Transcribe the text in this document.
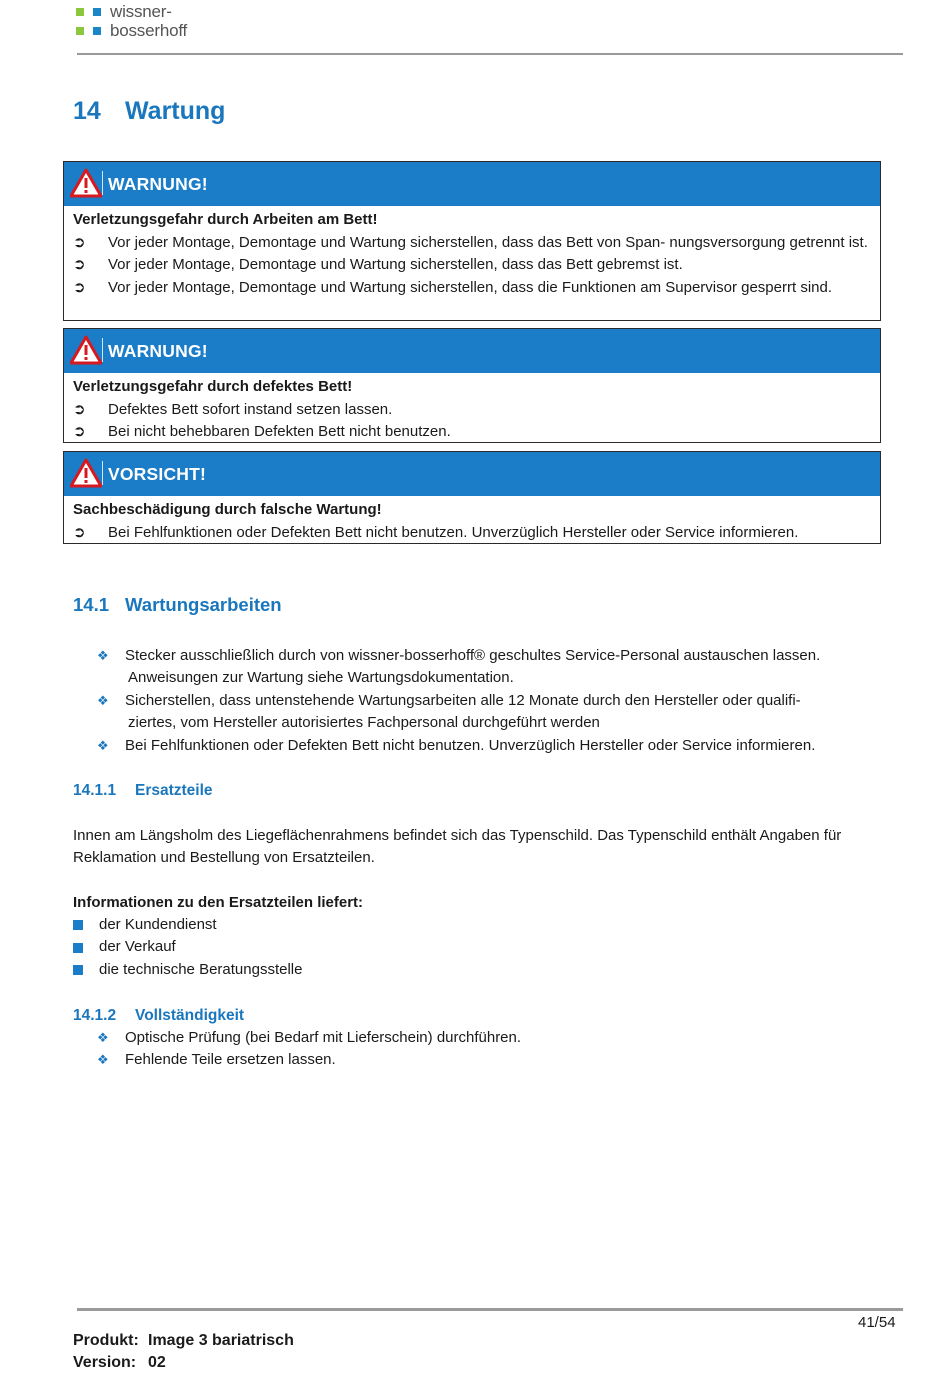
wissner-
bosserhoff
14 Wartung
WARNUNG!
Verletzungsgefahr durch Arbeiten am Bett!
➲	Vor jeder Montage, Demontage und Wartung sicherstellen, dass das Bett von Span- nungsversorgung getrennt ist.
➲	Vor jeder Montage, Demontage und Wartung sicherstellen, dass das Bett gebremst ist.
➲	Vor jeder Montage, Demontage und Wartung sicherstellen, dass die Funktionen am Supervisor gesperrt sind.
WARNUNG!
Verletzungsgefahr durch defektes Bett!
➲	Defektes Bett sofort instand setzen lassen.
➲	Bei nicht behebbaren Defekten Bett nicht benutzen.
VORSICHT!
Sachbeschädigung durch falsche Wartung!
➲	Bei Fehlfunktionen oder Defekten Bett nicht benutzen. Unverzüglich Hersteller oder Service informieren.
14.1 Wartungsarbeiten
❖	Stecker ausschließlich durch von wissner-bosserhoff® geschultes Service-Personal austauschen lassen.
Anweisungen zur Wartung siehe Wartungsdokumentation.
❖	Sicherstellen, dass untenstehende Wartungsarbeiten alle 12 Monate durch den Hersteller oder qualifi-
ziertes, vom Hersteller autorisiertes Fachpersonal durchgeführt werden
❖	Bei Fehlfunktionen oder Defekten Bett nicht benutzen. Unverzüglich Hersteller oder Service informieren.
14.1.1 Ersatzteile
Innen am Längsholm des Liegeflächenrahmens befindet sich das Typenschild. Das Typenschild enthält Angaben für Reklamation und Bestellung von Ersatzteilen.
Informationen zu den Ersatzteilen liefert:
der Kundendienst
der Verkauf
die technische Beratungsstelle
14.1.2 Vollständigkeit
❖	Optische Prüfung (bei Bedarf mit Lieferschein) durchführen.
❖	Fehlende Teile ersetzen lassen.
41/54
Produkt: Image 3 bariatrisch
Version: 02
